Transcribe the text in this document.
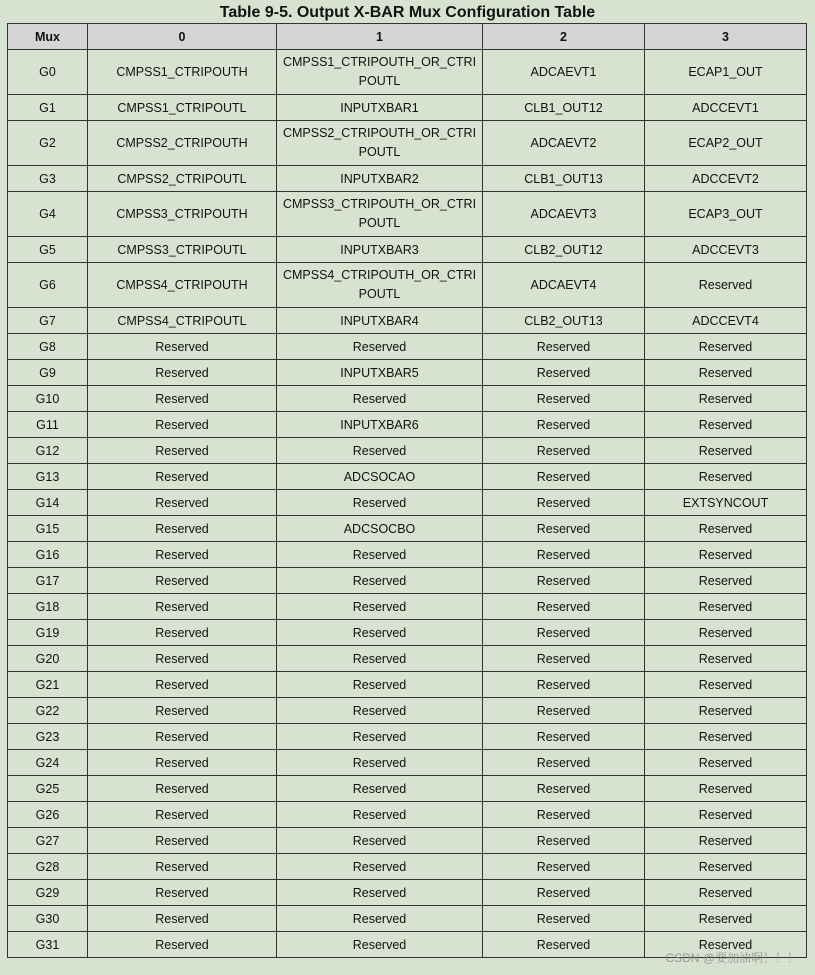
Table 9-5. Output X-BAR Mux Configuration Table
Mux	0	1	2	3
G0	CMPSS1_CTRIPOUTH	CMPSS1_CTRIPOUTH_OR_CTRIPOUTL	ADCAEVT1	ECAP1_OUT
G1	CMPSS1_CTRIPOUTL	INPUTXBAR1	CLB1_OUT12	ADCCEVT1
G2	CMPSS2_CTRIPOUTH	CMPSS2_CTRIPOUTH_OR_CTRIPOUTL	ADCAEVT2	ECAP2_OUT
G3	CMPSS2_CTRIPOUTL	INPUTXBAR2	CLB1_OUT13	ADCCEVT2
G4	CMPSS3_CTRIPOUTH	CMPSS3_CTRIPOUTH_OR_CTRIPOUTL	ADCAEVT3	ECAP3_OUT
G5	CMPSS3_CTRIPOUTL	INPUTXBAR3	CLB2_OUT12	ADCCEVT3
G6	CMPSS4_CTRIPOUTH	CMPSS4_CTRIPOUTH_OR_CTRIPOUTL	ADCAEVT4	Reserved
G7	CMPSS4_CTRIPOUTL	INPUTXBAR4	CLB2_OUT13	ADCCEVT4
G8	Reserved	Reserved	Reserved	Reserved
G9	Reserved	INPUTXBAR5	Reserved	Reserved
G10	Reserved	Reserved	Reserved	Reserved
G11	Reserved	INPUTXBAR6	Reserved	Reserved
G12	Reserved	Reserved	Reserved	Reserved
G13	Reserved	ADCSOCAO	Reserved	Reserved
G14	Reserved	Reserved	Reserved	EXTSYNCOUT
G15	Reserved	ADCSOCBO	Reserved	Reserved
G16	Reserved	Reserved	Reserved	Reserved
G17	Reserved	Reserved	Reserved	Reserved
G18	Reserved	Reserved	Reserved	Reserved
G19	Reserved	Reserved	Reserved	Reserved
G20	Reserved	Reserved	Reserved	Reserved
G21	Reserved	Reserved	Reserved	Reserved
G22	Reserved	Reserved	Reserved	Reserved
G23	Reserved	Reserved	Reserved	Reserved
G24	Reserved	Reserved	Reserved	Reserved
G25	Reserved	Reserved	Reserved	Reserved
G26	Reserved	Reserved	Reserved	Reserved
G27	Reserved	Reserved	Reserved	Reserved
G28	Reserved	Reserved	Reserved	Reserved
G29	Reserved	Reserved	Reserved	Reserved
G30	Reserved	Reserved	Reserved	Reserved
G31	Reserved	Reserved	Reserved	Reserved
CSDN @要加油啊！！！
